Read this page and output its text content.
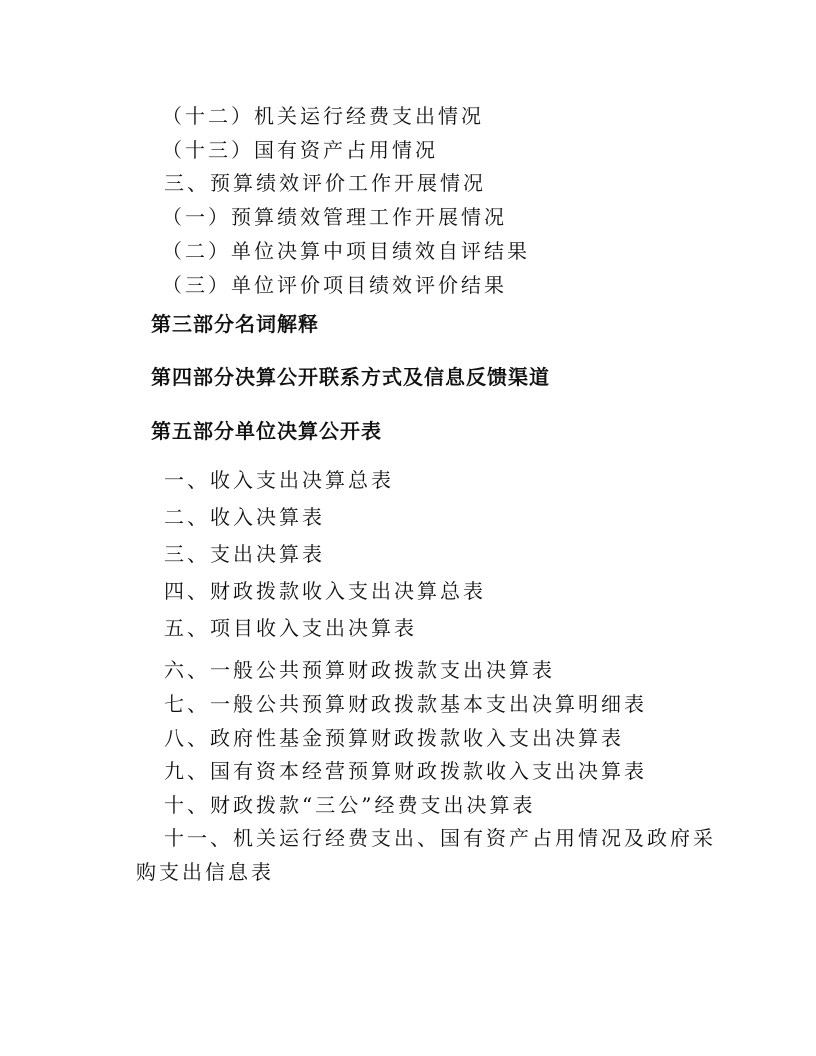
（十二）机关运行经费支出情况
（十三）国有资产占用情况
三、预算绩效评价工作开展情况
（一）预算绩效管理工作开展情况
（二）单位决算中项目绩效自评结果
（三）单位评价项目绩效评价结果
第三部分名词解释
第四部分决算公开联系方式及信息反馈渠道
第五部分单位决算公开表
一、收入支出决算总表
二、收入决算表
三、支出决算表
四、财政拨款收入支出决算总表
五、项目收入支出决算表
六、一般公共预算财政拨款支出决算表
七、一般公共预算财政拨款基本支出决算明细表
八、政府性基金预算财政拨款收入支出决算表
九、国有资本经营预算财政拨款收入支出决算表
十、财政拨款“三公”经费支出决算表
十一、机关运行经费支出、国有资产占用情况及政府采购支出信息表
